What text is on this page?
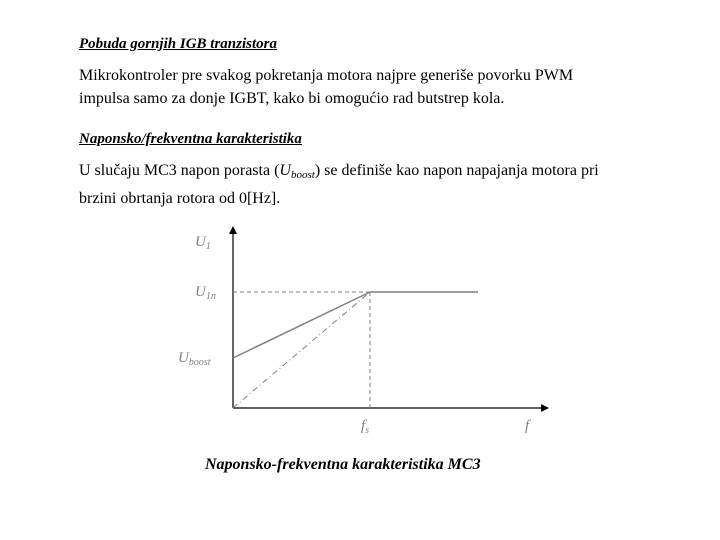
Pobuda gornjih IGB tranzistora
Mikrokontroler pre svakog pokretanja motora najpre generiše povorku PWM
impulsa samo za donje IGBT, kako bi omogućio rad butstrep kola.
Naponsko/frekventna karakteristika
U slučaju MC3 napon porasta $(U_{boost})$ se definiše kao napon napajanja motora pri
brzini obrtanja rotora od 0[Hz].
$U_1$
$U_{1n}$
$U_{boost}$
$f_s$	f
Naponsko-frekventna karakteristika MC3
